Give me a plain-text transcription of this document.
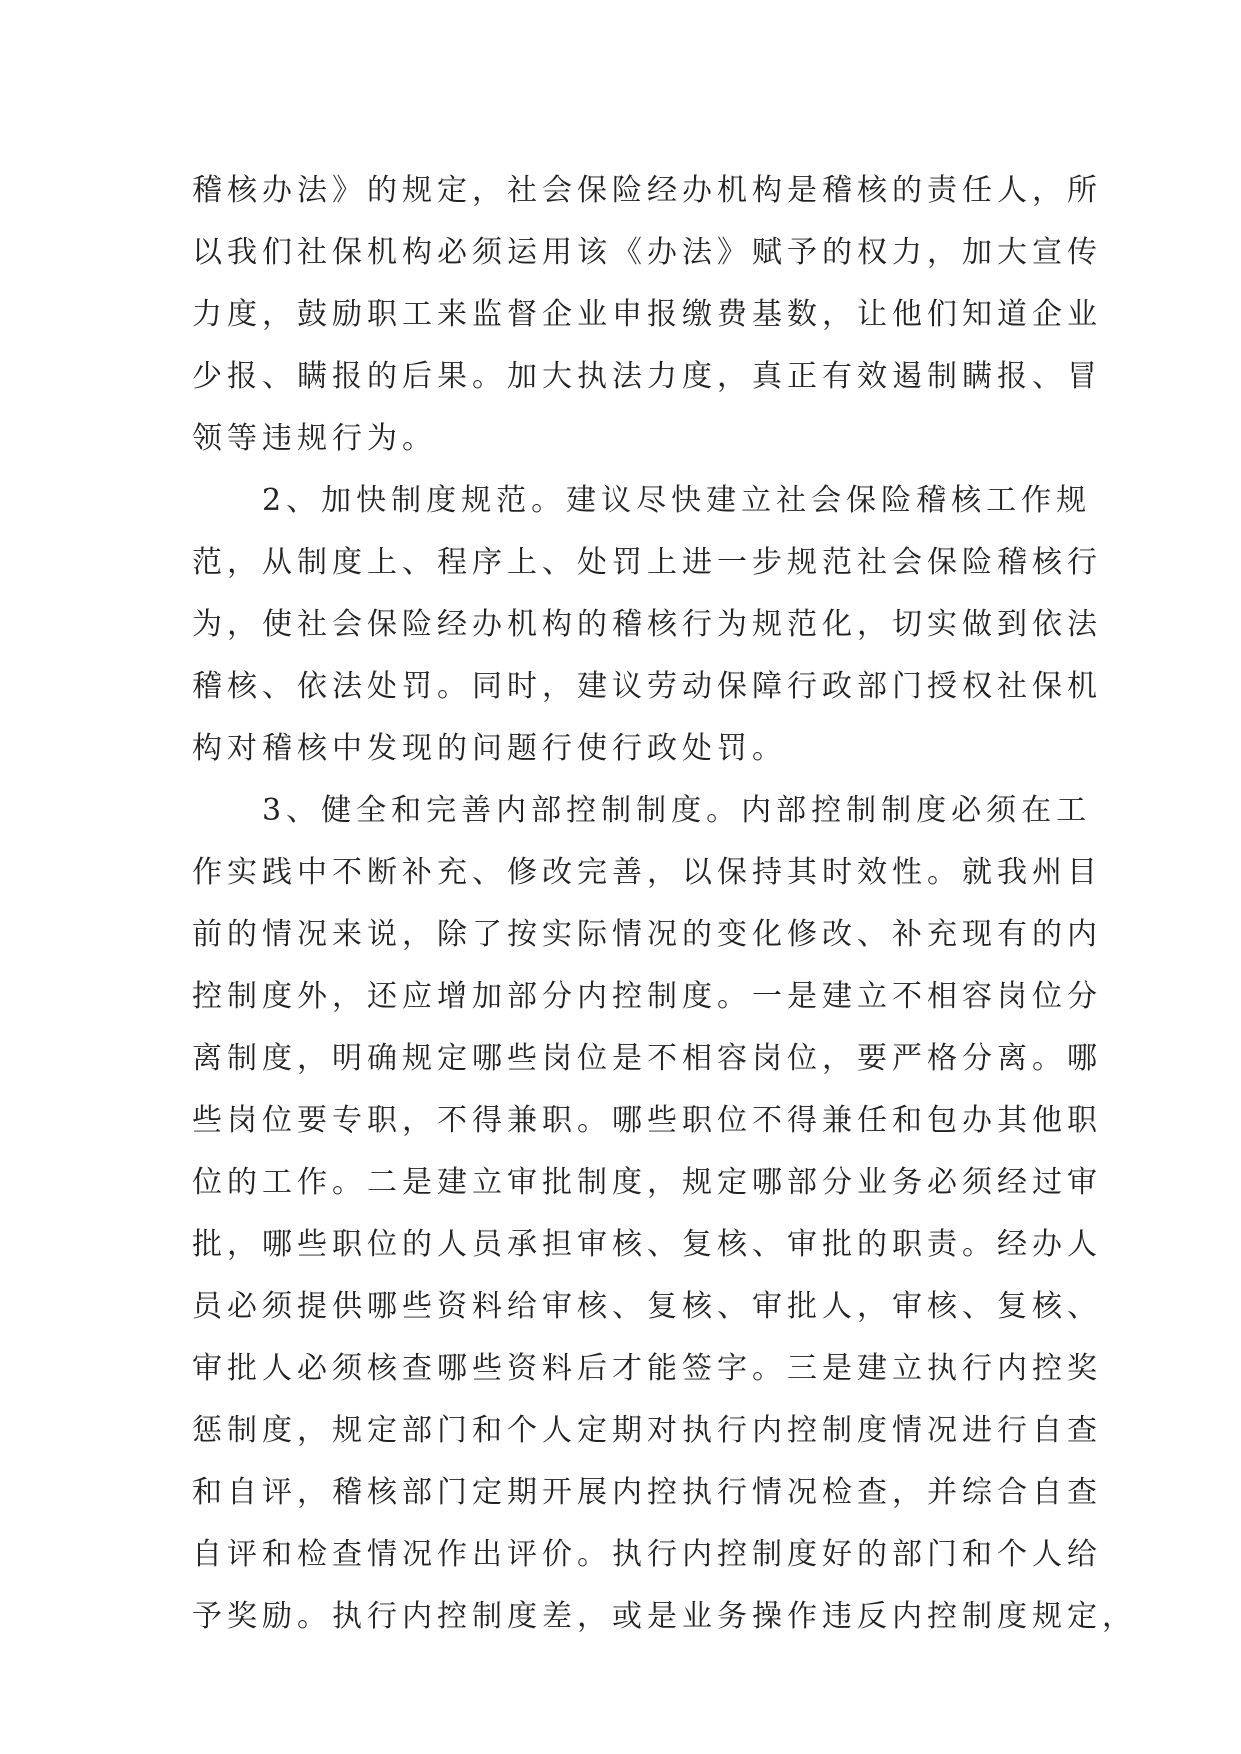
稽核办法》的规定，社会保险经办机构是稽核的责任人，所
以我们社保机构必须运用该《办法》赋予的权力，加大宣传
力度，鼓励职工来监督企业申报缴费基数，让他们知道企业
少报、瞒报的后果。加大执法力度，真正有效遏制瞒报、冒
领等违规行为。
　　2、加快制度规范。建议尽快建立社会保险稽核工作规
范，从制度上、程序上、处罚上进一步规范社会保险稽核行
为，使社会保险经办机构的稽核行为规范化，切实做到依法
稽核、依法处罚。同时，建议劳动保障行政部门授权社保机
构对稽核中发现的问题行使行政处罚。
　　3、健全和完善内部控制制度。内部控制制度必须在工
作实践中不断补充、修改完善，以保持其时效性。就我州目
前的情况来说，除了按实际情况的变化修改、补充现有的内
控制度外，还应增加部分内控制度。一是建立不相容岗位分
离制度，明确规定哪些岗位是不相容岗位，要严格分离。哪
些岗位要专职，不得兼职。哪些职位不得兼任和包办其他职
位的工作。二是建立审批制度，规定哪部分业务必须经过审
批，哪些职位的人员承担审核、复核、审批的职责。经办人
员必须提供哪些资料给审核、复核、审批人，审核、复核、
审批人必须核查哪些资料后才能签字。三是建立执行内控奖
惩制度，规定部门和个人定期对执行内控制度情况进行自查
和自评，稽核部门定期开展内控执行情况检查，并综合自查
自评和检查情况作出评价。执行内控制度好的部门和个人给
予奖励。执行内控制度差，或是业务操作违反内控制度规定，
